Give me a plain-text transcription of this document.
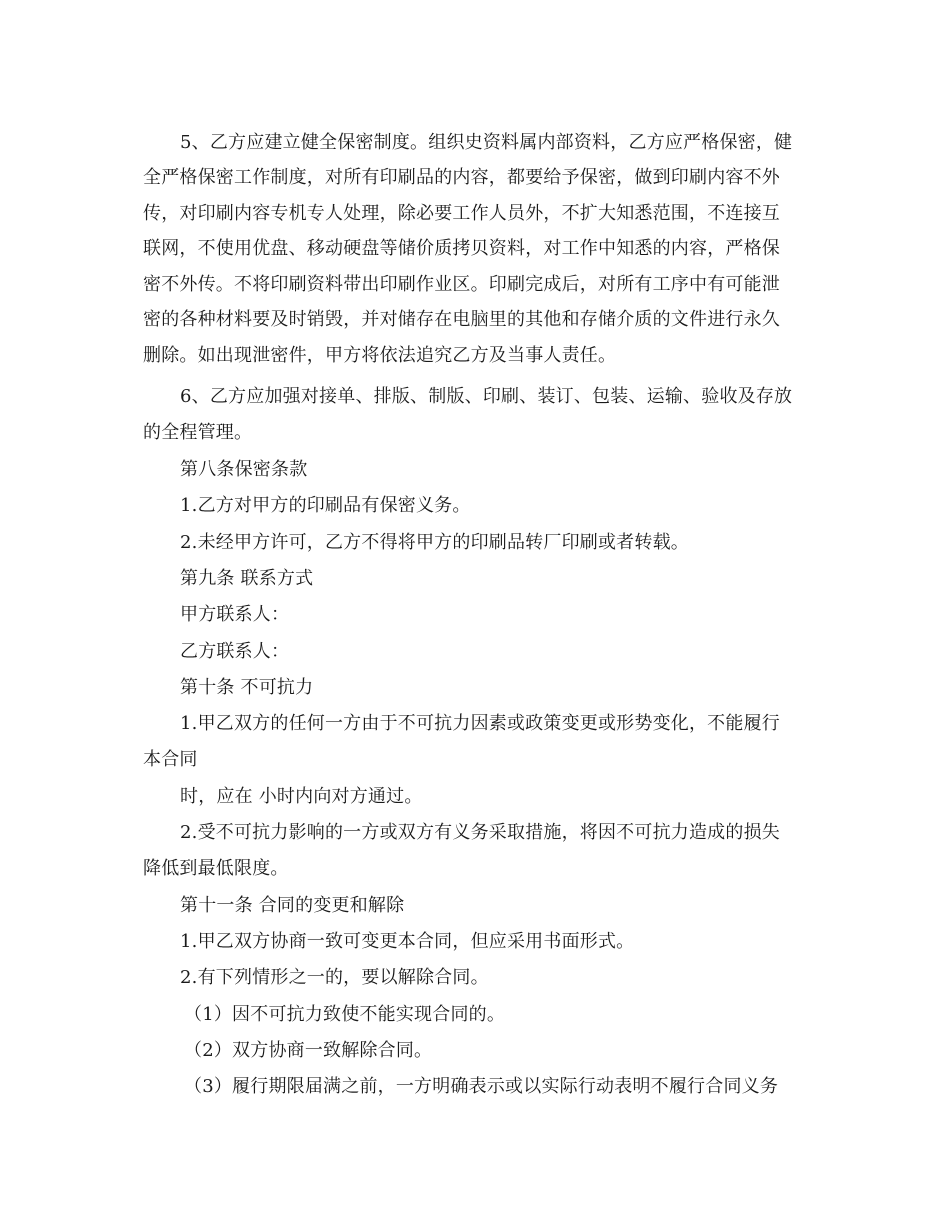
5、乙方应建立健全保密制度。组织史资料属内部资料，乙方应严格保密，健
全严格保密工作制度，对所有印刷品的内容，都要给予保密，做到印刷内容不外
传，对印刷内容专机专人处理，除必要工作人员外，不扩大知悉范围，不连接互
联网，不使用优盘、移动硬盘等储价质拷贝资料，对工作中知悉的内容，严格保
密不外传。不将印刷资料带出印刷作业区。印刷完成后，对所有工序中有可能泄
密的各种材料要及时销毁，并对储存在电脑里的其他和存储介质的文件进行永久
删除。如出现泄密件，甲方将依法追究乙方及当事人责任。
6、乙方应加强对接单、排版、制版、印刷、装订、包装、运输、验收及存放
的全程管理。
第八条保密条款
1.乙方对甲方的印刷品有保密义务。
2.未经甲方许可，乙方不得将甲方的印刷品转厂印刷或者转载。
第九条 联系方式
甲方联系人：
乙方联系人：
第十条 不可抗力
1.甲乙双方的任何一方由于不可抗力因素或政策变更或形势变化，不能履行
本合同
时，应在 小时内向对方通过。
2.受不可抗力影响的一方或双方有义务采取措施，将因不可抗力造成的损失
降低到最低限度。
第十一条 合同的变更和解除
1.甲乙双方协商一致可变更本合同，但应采用书面形式。
2.有下列情形之一的，要以解除合同。
（1）因不可抗力致使不能实现合同的。
（2）双方协商一致解除合同。
（3）履行期限届满之前，一方明确表示或以实际行动表明不履行合同义务
